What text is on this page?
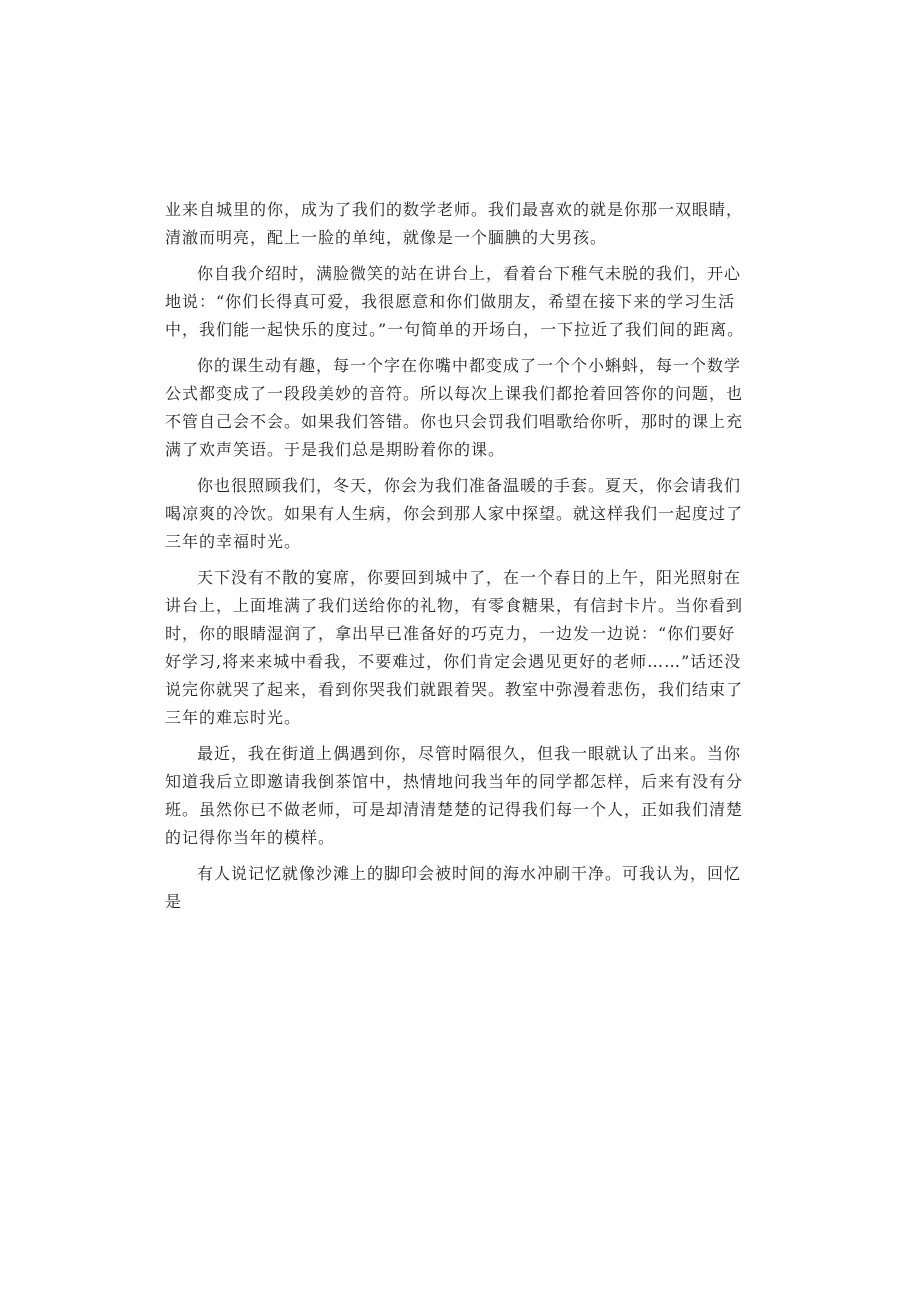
业来自城里的你，成为了我们的数学老师。我们最喜欢的就是你那一双眼睛，清澈而明亮，配上一脸的单纯，就像是一个腼腆的大男孩。

你自我介绍时，满脸微笑的站在讲台上，看着台下稚气未脱的我们，开心地说：“你们长得真可爱，我很愿意和你们做朋友，希望在接下来的学习生活中，我们能一起快乐的度过。”一句简单的开场白，一下拉近了我们间的距离。

你的课生动有趣，每一个字在你嘴中都变成了一个个小蝌蚪，每一个数学公式都变成了一段段美妙的音符。所以每次上课我们都抢着回答你的问题，也不管自己会不会。如果我们答错。你也只会罚我们唱歌给你听，那时的课上充满了欢声笑语。于是我们总是期盼着你的课。

你也很照顾我们，冬天，你会为我们准备温暖的手套。夏天，你会请我们喝凉爽的冷饮。如果有人生病，你会到那人家中探望。就这样我们一起度过了三年的幸福时光。

天下没有不散的宴席，你要回到城中了，在一个春日的上午，阳光照射在讲台上，上面堆满了我们送给你的礼物，有零食糖果，有信封卡片。当你看到时，你的眼睛湿润了，拿出早已准备好的巧克力，一边发一边说：“你们要好好学习,将来来城中看我，不要难过，你们肯定会遇见更好的老师……”话还没说完你就哭了起来，看到你哭我们就跟着哭。教室中弥漫着悲伤，我们结束了三年的难忘时光。

最近，我在街道上偶遇到你，尽管时隔很久，但我一眼就认了出来。当你知道我后立即邀请我倒茶馆中，热情地问我当年的同学都怎样，后来有没有分班。虽然你已不做老师，可是却清清楚楚的记得我们每一个人，正如我们清楚的记得你当年的模样。

有人说记忆就像沙滩上的脚印会被时间的海水冲刷干净。可我认为，回忆是
